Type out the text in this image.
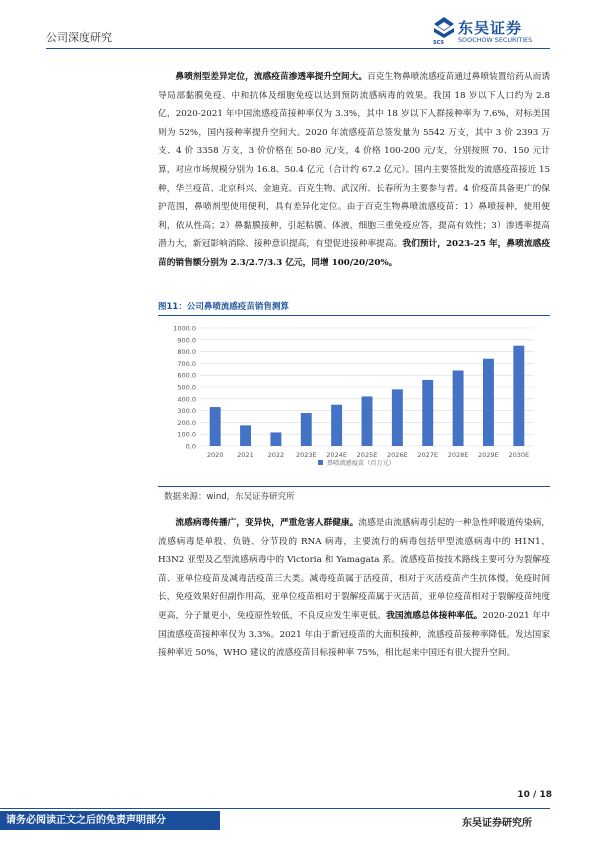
公司深度研究	SCS
东吴证券
SOOCHOW SECURITIES

鼻喷剂型差异定位，流感疫苗渗透率提升空间大。百克生物鼻喷流感疫苗通过鼻喷装置给药从而诱导局部黏膜免疫、中和抗体及细胞免疫以达到预防流感病毒的效果。我国 18 岁以下人口约为 2.8 亿，2020-2021 年中国流感疫苗接种率仅为 3.3%，其中 18 岁以下人群接种率为 7.6%，对标美国则为 52%，国内接种率提升空间大。2020 年流感疫苗总签发量为 5542 万支，其中 3 价 2393 万支、4 价 3358 万支，3 价价格在 50-80 元/支，4 价格 100-200 元/支，分别按照 70、150 元计算，对应市场规模分别为 16.8、50.4 亿元（合计约 67.2 亿元）。国内主要签批发的流感疫苗接近 15 种，华兰疫苗、北京科兴、金迪克、百克生物、武汉所、长春所为主要参与者。4 价疫苗具备更广的保护范围，鼻喷剂型使用便利，具有差异化定位。由于百克生物鼻喷流感疫苗：1）鼻喷接种，使用便利，依从性高；2）鼻黏膜接种，引起粘膜、体液、细胞三重免疫应答，提高有效性；3）渗透率提高潜力大，新冠影响消除、接种意识提高，有望促进接种率提高。我们预计，2023-25 年，鼻喷流感疫苗的销售额分别为 2.3/2.7/3.3 亿元，同增 100/20/20%。

图11：公司鼻喷流感疫苗销售测算
0.0
100.0
200.0
300.0
400.0
500.0
600.0
700.0
800.0
900.0
1000.0
2020 2021 2022 2023E 2024E 2025E 2026E 2027E 2028E 2029E 2030E
鼻喷流感疫苗（百万元）
数据来源：wind，东吴证券研究所

流感病毒传播广，变异快，严重危害人群健康。流感是由流感病毒引起的一种急性呼吸道传染病，流感病毒是单股、负链、分节段的 RNA 病毒，主要流行的病毒包括甲型流感病毒中的 H1N1、H3N2 亚型及乙型流感病毒中的 Victoria 和 Yamagata 系。流感疫苗按技术路线主要可分为裂解疫苗、亚单位疫苗及减毒活疫苗三大类。减毒疫苗属于活疫苗，相对于灭活疫苗产生抗体慢，免疫时间长，免疫效果好但副作用高，亚单位疫苗相对于裂解疫苗属于灭活苗，亚单位疫苗相对于裂解疫苗纯度更高，分子量更小，免疫原性较低，不良反应发生率更低。我国流感总体接种率低。2020-2021 年中国流感疫苗接种率仅为 3.3%。2021 年由于新冠疫苗的大面积接种，流感疫苗接种率降低。发达国家接种率近 50%，WHO 建议的流感疫苗目标接种率 75%，相比起来中国还有很大提升空间。

10 / 18
请务必阅读正文之后的免责声明部分	东吴证券研究所
